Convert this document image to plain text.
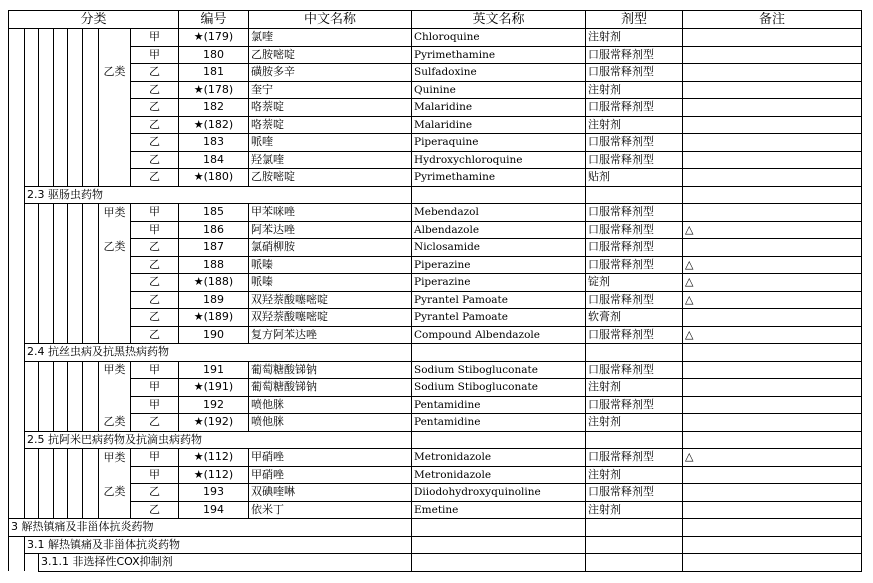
分类								编号	中文名称	英文名称	剂型	备注
							甲	★(179)	氯喹	Chloroquine	注射剂	
							甲	180	乙胺嘧啶	Pyrimethamine	口服常释剂型	
						乙类	乙	181	磺胺多辛	Sulfadoxine	口服常释剂型	
							乙	★(178)	奎宁	Quinine	注射剂	
							乙	182	咯萘啶	Malaridine	口服常释剂型	
							乙	★(182)	咯萘啶	Malaridine	注射剂	
							乙	183	哌喹	Piperaquine	口服常释剂型	
							乙	184	羟氯喹	Hydroxychloroquine	口服常释剂型	
							乙	★(180)	乙胺嘧啶	Pyrimethamine	贴剂	
	2.3 驱肠虫药物											
						甲类	甲	185	甲苯咪唑	Mebendazol	口服常释剂型	
							甲	186	阿苯达唑	Albendazole	口服常释剂型	△
						乙类	乙	187	氯硝柳胺	Niclosamide	口服常释剂型	
							乙	188	哌嗪	Piperazine	口服常释剂型	△
							乙	★(188)	哌嗪	Piperazine	锭剂	△
							乙	189	双羟萘酸噻嘧啶	Pyrantel Pamoate	口服常释剂型	△
							乙	★(189)	双羟萘酸噻嘧啶	Pyrantel Pamoate	软膏剂	
							乙	190	复方阿苯达唑	Compound Albendazole	口服常释剂型	△
	2.4 抗丝虫病及抗黑热病药物											
						甲类	甲	191	葡萄糖酸锑钠	Sodium Stibogluconate	口服常释剂型	
							甲	★(191)	葡萄糖酸锑钠	Sodium Stibogluconate	注射剂	
							甲	192	喷他脒	Pentamidine	口服常释剂型	
						乙类	乙	★(192)	喷他脒	Pentamidine	注射剂	
	2.5 抗阿米巴病药物及抗滴虫病药物											
						甲类	甲	★(112)	甲硝唑	Metronidazole	口服常释剂型	△
							甲	★(112)	甲硝唑	Metronidazole	注射剂	
						乙类	乙	193	双碘喹啉	Diiodohydroxyquinoline	口服常释剂型	
							乙	194	依米丁	Emetine	注射剂	
3 解热镇痛及非甾体抗炎药物												
	3.1 解热镇痛及非甾体抗炎药物											
		3.1.1 非选择性COX抑制剂										
